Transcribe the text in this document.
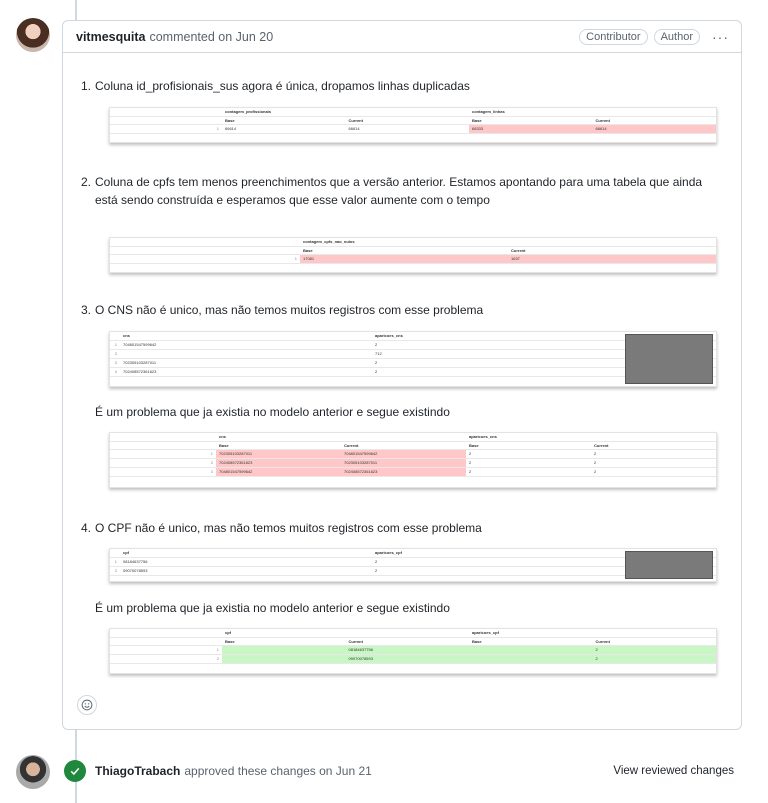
vitmesquita commented on Jun 20	Contributor	Author	···
1. Coluna id_profisionais_sus agora é única, dropamos linhas duplicadas
	contagem_profissionais		contagem_linhas	
	Base	Current	Base	Current
1	66614	66614	68333	66614
2. Coluna de cpfs tem menos preenchimentos que a versão anterior. Estamos apontando para uma tabela que ainda está sendo construída e esperamos que esse valor aumente com o tempo
	contagem_cpfs_nao_nulos	
	Base	Current
1	17081	1637
3. O CNS não é unico, mas não temos muitos registros com esse problema
	cns	aparicoes_cns
1	704801547599642	2
2		712
3	702305103287011	2
4	702408572361623	2
É um problema que ja existia no modelo anterior e segue existindo
	cns		aparicoes_cns	
	Base	Current	Base	Current
1	702305103287011	704801547599642	2	2
2	702408572361623	702305103287011	2	2
3	704801547599642	702408572361623	2	2
4. O CPF não é unico, mas não temos muitos registros com esse problema
	cpf	aparicoes_cpf
1	08184637756	2
2	09070078593	2
É um problema que ja existia no modelo anterior e segue existindo
	cpf		aparicoes_cpf	
	Base	Current	Base	Current
1		08184637756		2
2		09070078593		2
ThiagoTrabach approved these changes on Jun 21	View reviewed changes
